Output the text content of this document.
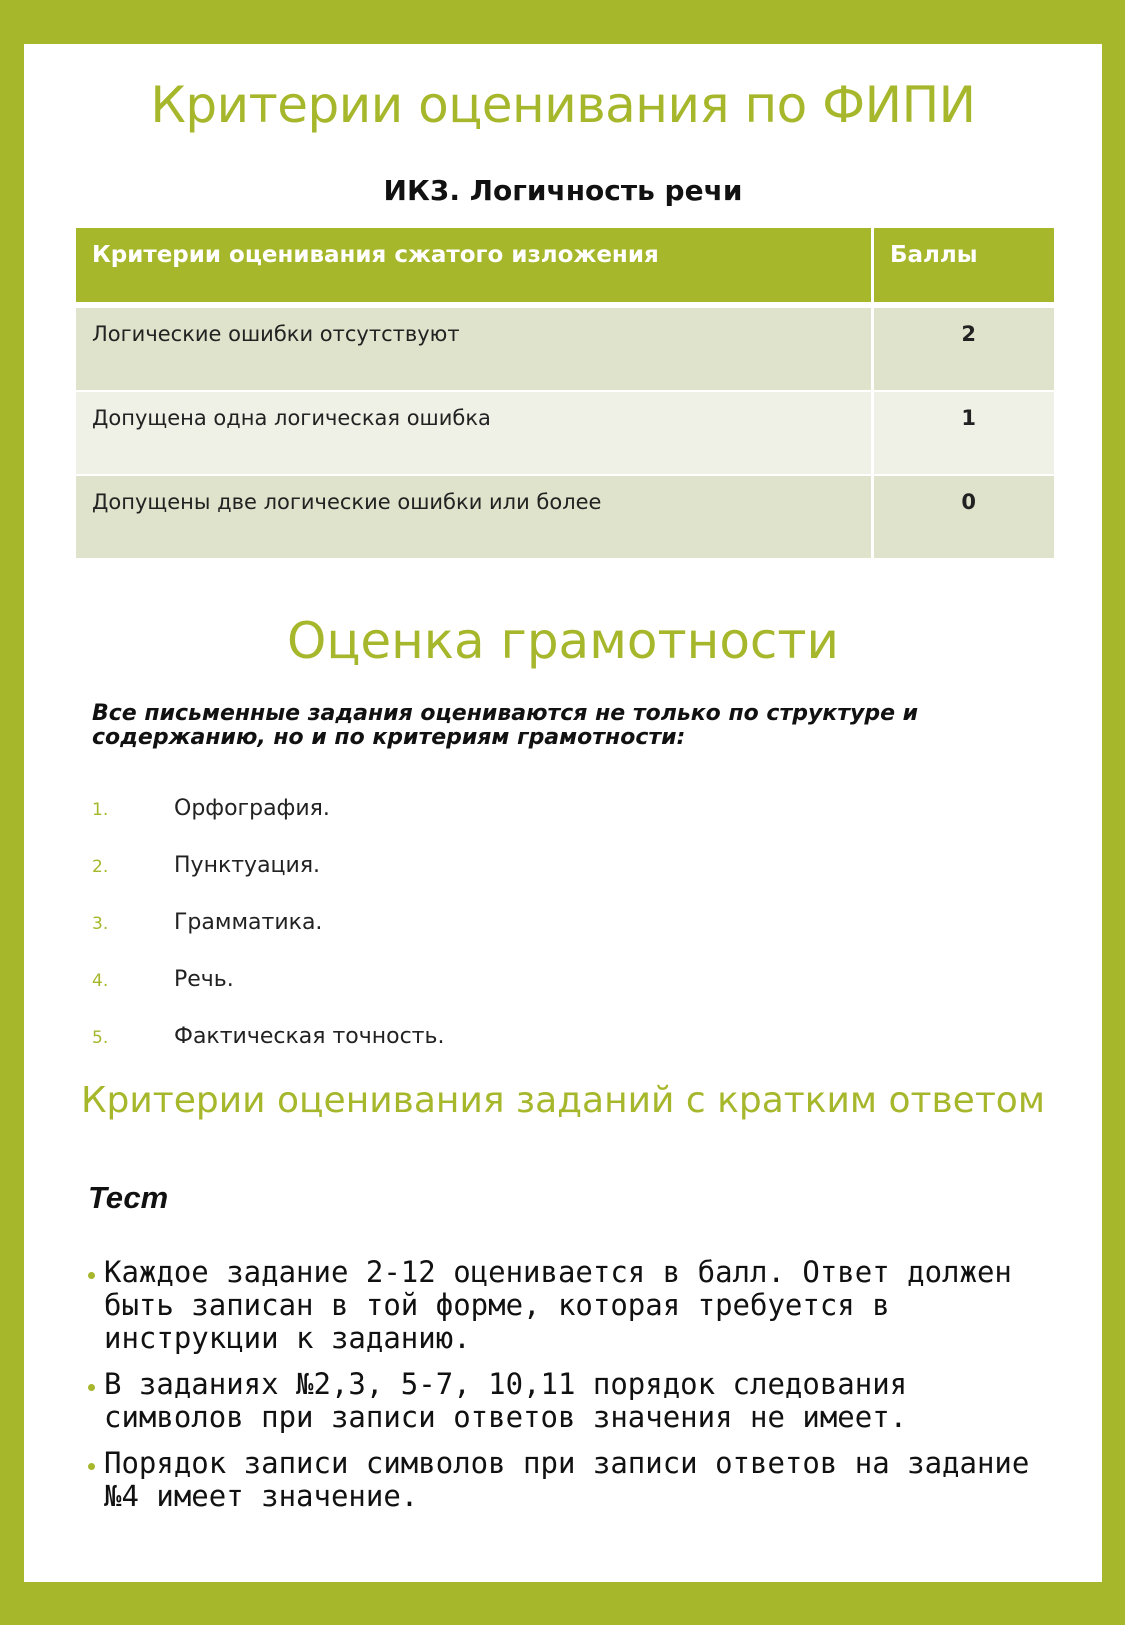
Критерии оценивания по ФИПИ
ИК3. Логичность речи
Критерии оценивания сжатого изложения	Баллы
Логические ошибки отсутствуют	2
Допущена одна логическая ошибка	1
Допущены две логические ошибки или более	0
Оценка грамотности

Все письменные задания оцениваются не только по структуре и содержанию, но и по критериям грамотности:

1.	Орфография.
2.	Пунктуация.
3.	Грамматика.
4.	Речь.
5.	Фактическая точность.
Критерии оценивания заданий с кратким ответом

Тест

Каждое задание 2-12 оценивается в балл. Ответ должен быть записан в той форме, которая требуется в инструкции к заданию.
В заданиях №2,3, 5-7, 10,11 порядок следования символов при записи ответов значения не имеет.
Порядок записи символов при записи ответов на задание №4 имеет значение.
